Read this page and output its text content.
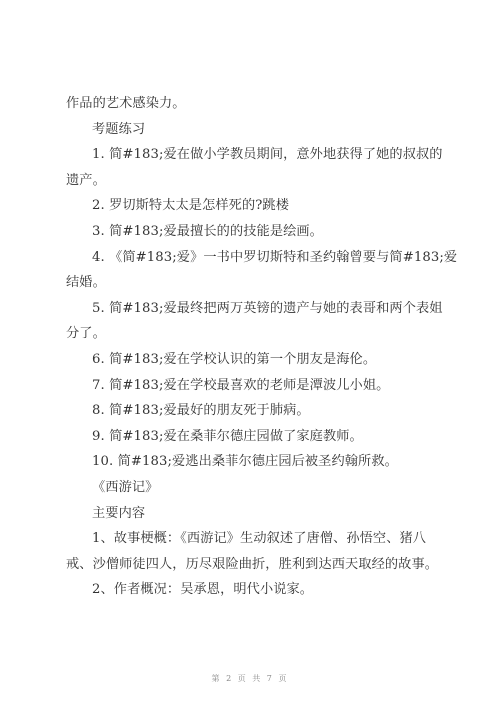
作品的艺术感染力。
考题练习
1. 简#183;爱在做小学教员期间，意外地获得了她的叔叔的
遗产。
2. 罗切斯特太太是怎样死的?跳楼
3. 简#183;爱最擅长的的技能是绘画。
4. 《简#183;爱》一书中罗切斯特和圣约翰曾要与简#183;爱
结婚。
5. 简#183;爱最终把两万英镑的遗产与她的表哥和两个表姐
分了。
6. 简#183;爱在学校认识的第一个朋友是海伦。
7. 简#183;爱在学校最喜欢的老师是潭波儿小姐。
8. 简#183;爱最好的朋友死于肺病。
9. 简#183;爱在桑菲尔德庄园做了家庭教师。
10. 简#183;爱逃出桑菲尔德庄园后被圣约翰所救。
《西游记》
主要内容
1、故事梗概：《西游记》生动叙述了唐僧、孙悟空、猪八
戒、沙僧师徒四人，历尽艰险曲折，胜利到达西天取经的故事。
2、作者概况：吴承恩，明代小说家。
第 2 页 共 7 页
